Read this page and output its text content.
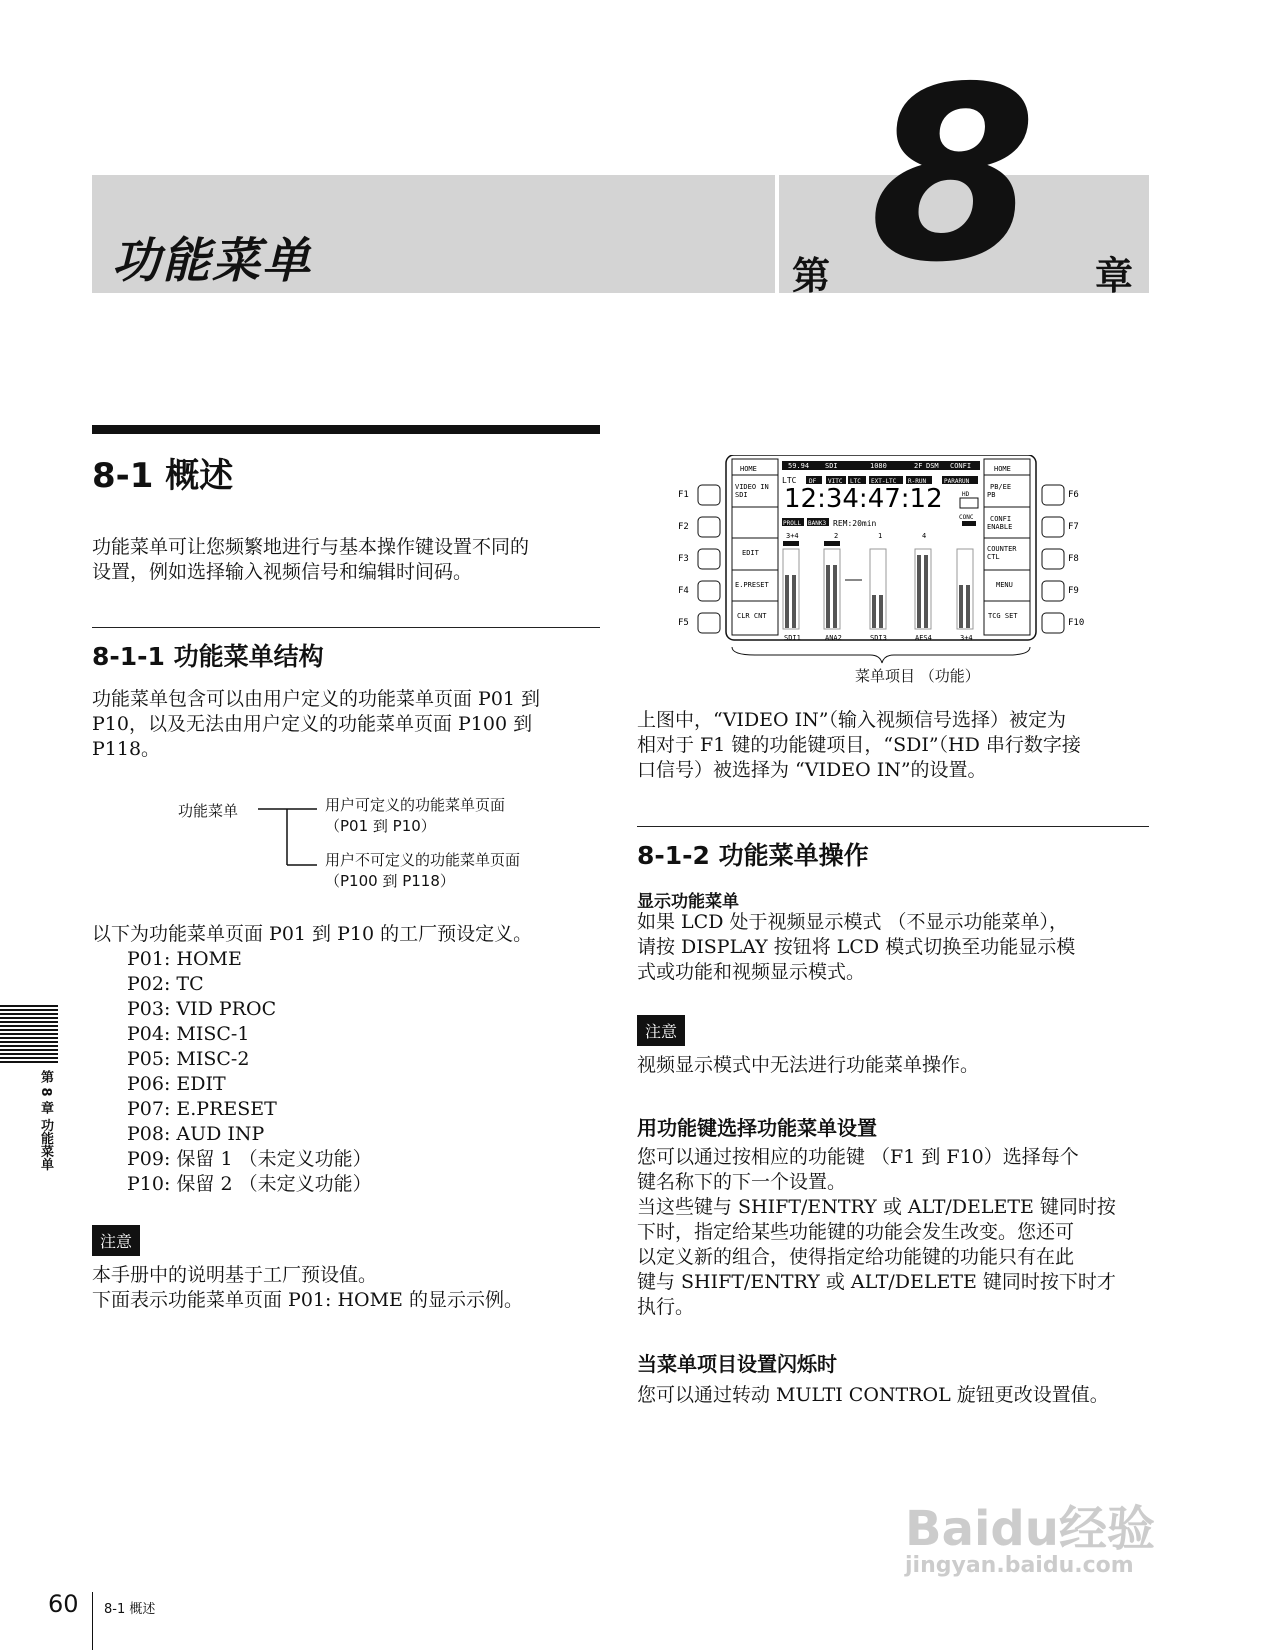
功能菜单	第 8 章
8-1 概述
功能菜单可让您频繁地进行与基本操作键设置不同的
设置，例如选择输入视频信号和编辑时间码。
8-1-1 功能菜单结构
功能菜单包含可以由用户定义的功能菜单页面 P01 到
P10，以及无法由用户定义的功能菜单页面 P100 到
P118。
功能菜单	用户可定义的功能菜单页面
（P01 到 P10）
用户不可定义的功能菜单页面
（P100 到 P118）
以下为功能菜单页面 P01 到 P10 的工厂预设定义。
P01: HOME
P02: TC
P03: VID PROC
P04: MISC-1
P05: MISC-2
P06: EDIT
P07: E.PRESET
P08: AUD INP
P09: 保留 1 （未定义功能）
P10: 保留 2 （未定义功能）
注意
本手册中的说明基于工厂预设值。
下面表示功能菜单页面 P01: HOME 的显示示例。
F1
F2
F3
F4
F5
F6
F7
F8
F9
F10
HOME
VIDEO IN
SDI
EDIT
E.PRESET
CLR CNT
HOME
PB/EE
PB
CONFI
ENABLE
COUNTER
CTL
MENU
TCG SET
59.94 SDI	1080	2F DSM CONFI
LTC DF VITC LTC EXT-LTC R-RUN	PARARUN
12:34:47:12	HD
CONC
PROLL BANK3 REM:20min
3+4	2	1	4
SDI1	ANA2	SDI3	AES4	3+4
菜单项目 （功能）
上图中，“VIDEO IN”（输入视频信号选择）被定为
相对于 F1 键的功能键项目，“SDI”（HD 串行数字接
口信号）被选择为 “VIDEO IN”的设置。
8-1-2 功能菜单操作
显示功能菜单
如果 LCD 处于视频显示模式 （不显示功能菜单），
请按 DISPLAY 按钮将 LCD 模式切换至功能显示模
式或功能和视频显示模式。
注意
视频显示模式中无法进行功能菜单操作。
用功能键选择功能菜单设置
您可以通过按相应的功能键 （F1 到 F10）选择每个
键名称下的下一个设置。
当这些键与 SHIFT/ENTRY 或 ALT/DELETE 键同时按
下时，指定给某些功能键的功能会发生改变。您还可
以定义新的组合，使得指定给功能键的功能只有在此
键与 SHIFT/ENTRY 或 ALT/DELETE 键同时按下时才
执行。
当菜单项目设置闪烁时
您可以通过转动 MULTI CONTROL 旋钮更改设置值。
第 8 章 功能菜单
Baidu经验
jingyan.baidu.com
60 8-1 概述
